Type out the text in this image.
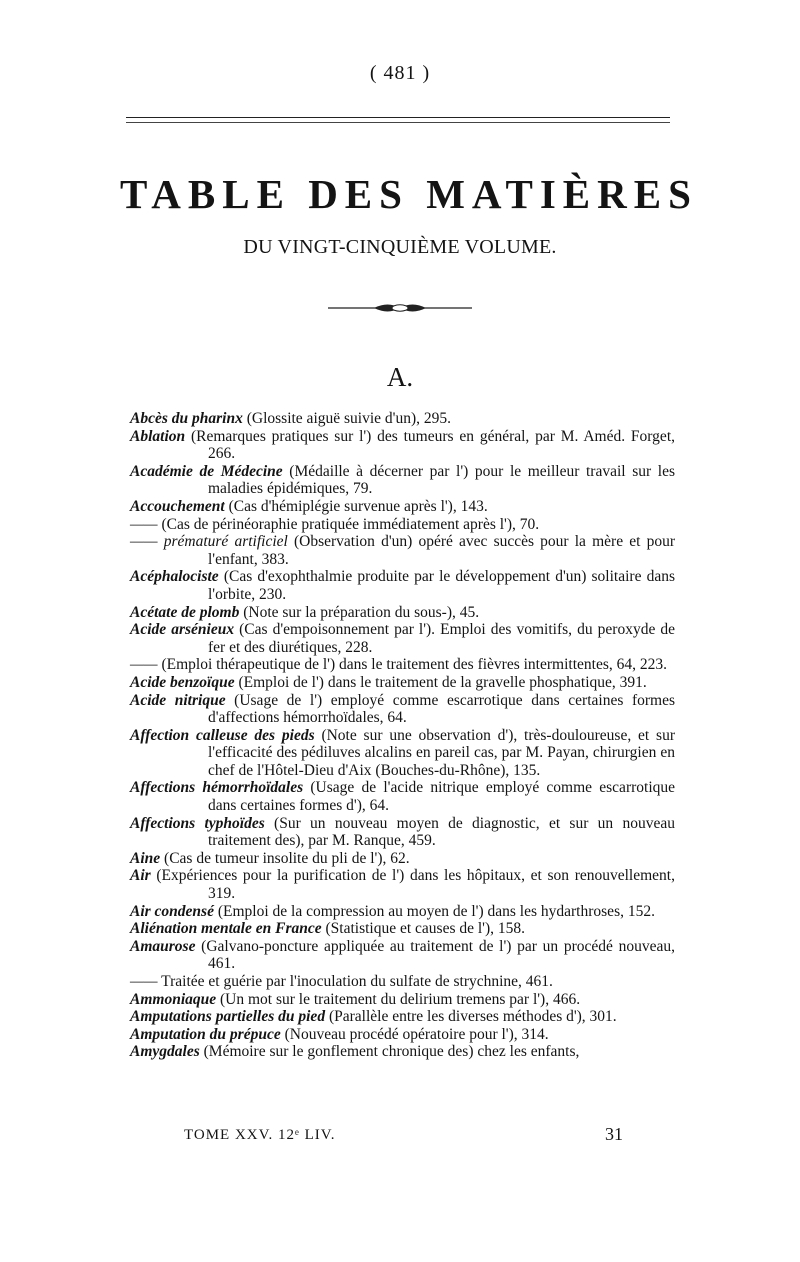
( 481 )
TABLE DES MATIÈRES
DU VINGT-CINQUIÈME VOLUME.
A.

Abcès du pharinx (Glossite aiguë suivie d'un), 295.

Ablation (Remarques pratiques sur l') des tumeurs en général, par M. Améd. Forget, 266.

Académie de Médecine (Médaille à décerner par l') pour le meilleur travail sur les maladies épidémiques, 79.

Accouchement (Cas d'hémiplégie survenue après l'), 143.

—— (Cas de périnéoraphie pratiquée immédiatement après l'), 70.

—— prématuré artificiel (Observation d'un) opéré avec succès pour la mère et pour l'enfant, 383.

Acéphalociste (Cas d'exophthalmie produite par le développement d'un) solitaire dans l'orbite, 230.

Acétate de plomb (Note sur la préparation du sous-), 45.

Acide arsénieux (Cas d'empoisonnement par l'). Emploi des vomitifs, du peroxyde de fer et des diurétiques, 228.

—— (Emploi thérapeutique de l') dans le traitement des fièvres intermittentes, 64, 223.

Acide benzoïque (Emploi de l') dans le traitement de la gravelle phosphatique, 391.

Acide nitrique (Usage de l') employé comme escarrotique dans certaines formes d'affections hémorrhoïdales, 64.

Affection calleuse des pieds (Note sur une observation d'), très-douloureuse, et sur l'efficacité des pédiluves alcalins en pareil cas, par M. Payan, chirurgien en chef de l'Hôtel-Dieu d'Aix (Bouches-du-Rhône), 135.

Affections hémorrhoïdales (Usage de l'acide nitrique employé comme escarrotique dans certaines formes d'), 64.

Affections typhoïdes (Sur un nouveau moyen de diagnostic, et sur un nouveau traitement des), par M. Ranque, 459.

Aine (Cas de tumeur insolite du pli de l'), 62.

Air (Expériences pour la purification de l') dans les hôpitaux, et son renouvellement, 319.

Air condensé (Emploi de la compression au moyen de l') dans les hydarthroses, 152.

Aliénation mentale en France (Statistique et causes de l'), 158.

Amaurose (Galvano-poncture appliquée au traitement de l') par un procédé nouveau, 461.

—— Traitée et guérie par l'inoculation du sulfate de strychnine, 461.

Ammoniaque (Un mot sur le traitement du delirium tremens par l'), 466.

Amputations partielles du pied (Parallèle entre les diverses méthodes d'), 301.

Amputation du prépuce (Nouveau procédé opératoire pour l'), 314.

Amygdales (Mémoire sur le gonflement chronique des) chez les enfants,

TOME XXV. 12ᵉ LIV.	31
